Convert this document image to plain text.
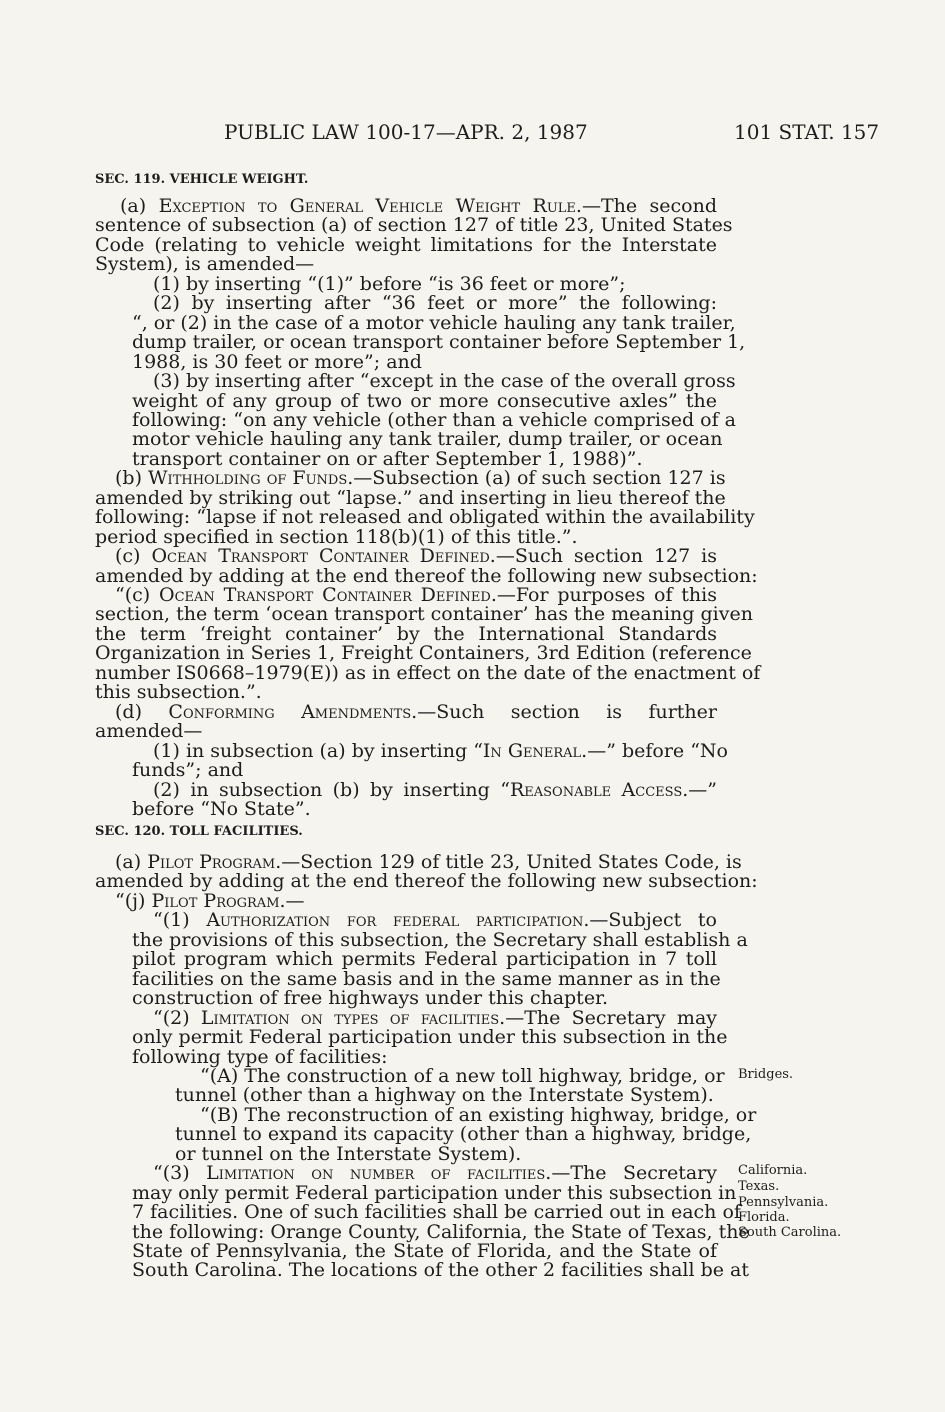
PUBLIC LAW 100-17—APR. 2, 1987	101 STAT. 157
SEC. 119. VEHICLE WEIGHT.
(a) Exception to General Vehicle Weight Rule.—The second
sentence of subsection (a) of section 127 of title 23, United States
Code (relating to vehicle weight limitations for the Interstate
System), is amended—
(1) by inserting “(1)” before “is 36 feet or more”;
(2) by inserting after “36 feet or more” the following:
“, or (2) in the case of a motor vehicle hauling any tank trailer,
dump trailer, or ocean transport container before September 1,
1988, is 30 feet or more”; and
(3) by inserting after “except in the case of the overall gross
weight of any group of two or more consecutive axles” the
following: “on any vehicle (other than a vehicle comprised of a
motor vehicle hauling any tank trailer, dump trailer, or ocean
transport container on or after September 1, 1988)”.
(b) Withholding of Funds.—Subsection (a) of such section 127 is
amended by striking out “lapse.” and inserting in lieu thereof the
following: “lapse if not released and obligated within the availability
period specified in section 118(b)(1) of this title.”.
(c) Ocean Transport Container Defined.—Such section 127 is
amended by adding at the end thereof the following new subsection:
“(c) Ocean Transport Container Defined.—For purposes of this
section, the term ‘ocean transport container’ has the meaning given
the term ‘freight container’ by the International Standards
Organization in Series 1, Freight Containers, 3rd Edition (reference
number IS0668–1979(E)) as in effect on the date of the enactment of
this subsection.”.
(d) Conforming Amendments.—Such section is further
amended—
(1) in subsection (a) by inserting “In General.—” before “No
funds”; and
(2) in subsection (b) by inserting “Reasonable Access.—”
before “No State”.
SEC. 120. TOLL FACILITIES.
(a) Pilot Program.—Section 129 of title 23, United States Code, is
amended by adding at the end thereof the following new subsection:
“(j) Pilot Program.—
“(1) Authorization for federal participation.—Subject to
the provisions of this subsection, the Secretary shall establish a
pilot program which permits Federal participation in 7 toll
facilities on the same basis and in the same manner as in the
construction of free highways under this chapter.
“(2) Limitation on types of facilities.—The Secretary may
only permit Federal participation under this subsection in the
following type of facilities:
“(A) The construction of a new toll highway, bridge, or
tunnel (other than a highway on the Interstate System).
“(B) The reconstruction of an existing highway, bridge, or
tunnel to expand its capacity (other than a highway, bridge,
or tunnel on the Interstate System).
“(3) Limitation on number of facilities.—The Secretary
may only permit Federal participation under this subsection in
7 facilities. One of such facilities shall be carried out in each of
the following: Orange County, California, the State of Texas, the
State of Pennsylvania, the State of Florida, and the State of
South Carolina. The locations of the other 2 facilities shall be at
Bridges.
California.
Texas.
Pennsylvania.
Florida.
South Carolina.
